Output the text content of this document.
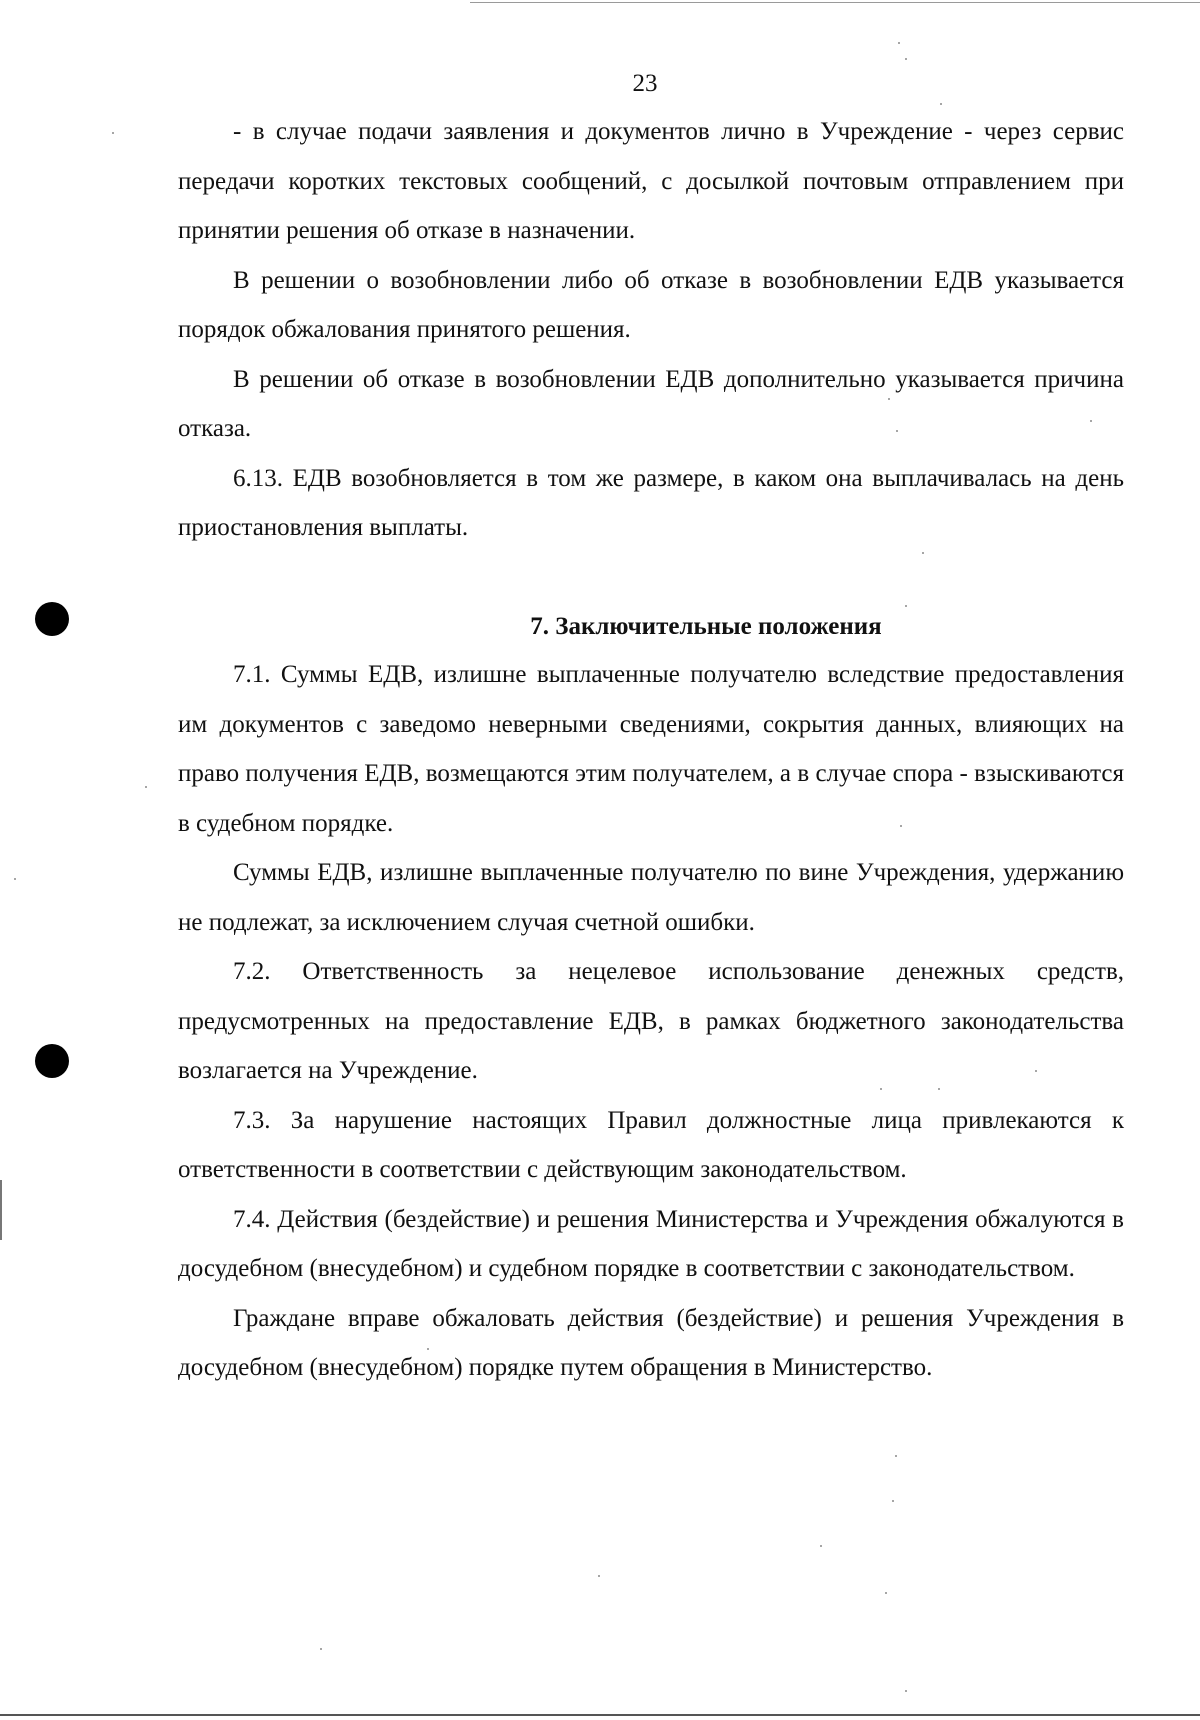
23

- в случае подачи заявления и документов лично в Учреждение - через сервис передачи коротких текстовых сообщений, с досылкой почтовым отправлением при принятии решения об отказе в назначении.

В решении о возобновлении либо об отказе в возобновлении ЕДВ указывается порядок обжалования принятого решения.

В решении об отказе в возобновлении ЕДВ дополнительно указывается причина отказа.

6.13. ЕДВ возобновляется в том же размере, в каком она выплачивалась на день приостановления выплаты.

7. Заключительные положения

7.1. Суммы ЕДВ, излишне выплаченные получателю вследствие предоставления им документов с заведомо неверными сведениями, сокрытия данных, влияющих на право получения ЕДВ, возмещаются этим получателем, а в случае спора - взыскиваются в судебном порядке.

Суммы ЕДВ, излишне выплаченные получателю по вине Учреждения, удержанию не подлежат, за исключением случая счетной ошибки.

7.2. Ответственность за нецелевое использование денежных средств, предусмотренных на предоставление ЕДВ, в рамках бюджетного законодательства возлагается на Учреждение.

7.3. За нарушение настоящих Правил должностные лица привлекаются к ответственности в соответствии с действующим законодательством.

7.4. Действия (бездействие) и решения Министерства и Учреждения обжалуются в досудебном (внесудебном) и судебном порядке в соответствии с законодательством.

Граждане вправе обжаловать действия (бездействие) и решения Учреждения в досудебном (внесудебном) порядке путем обращения в Министерство.
